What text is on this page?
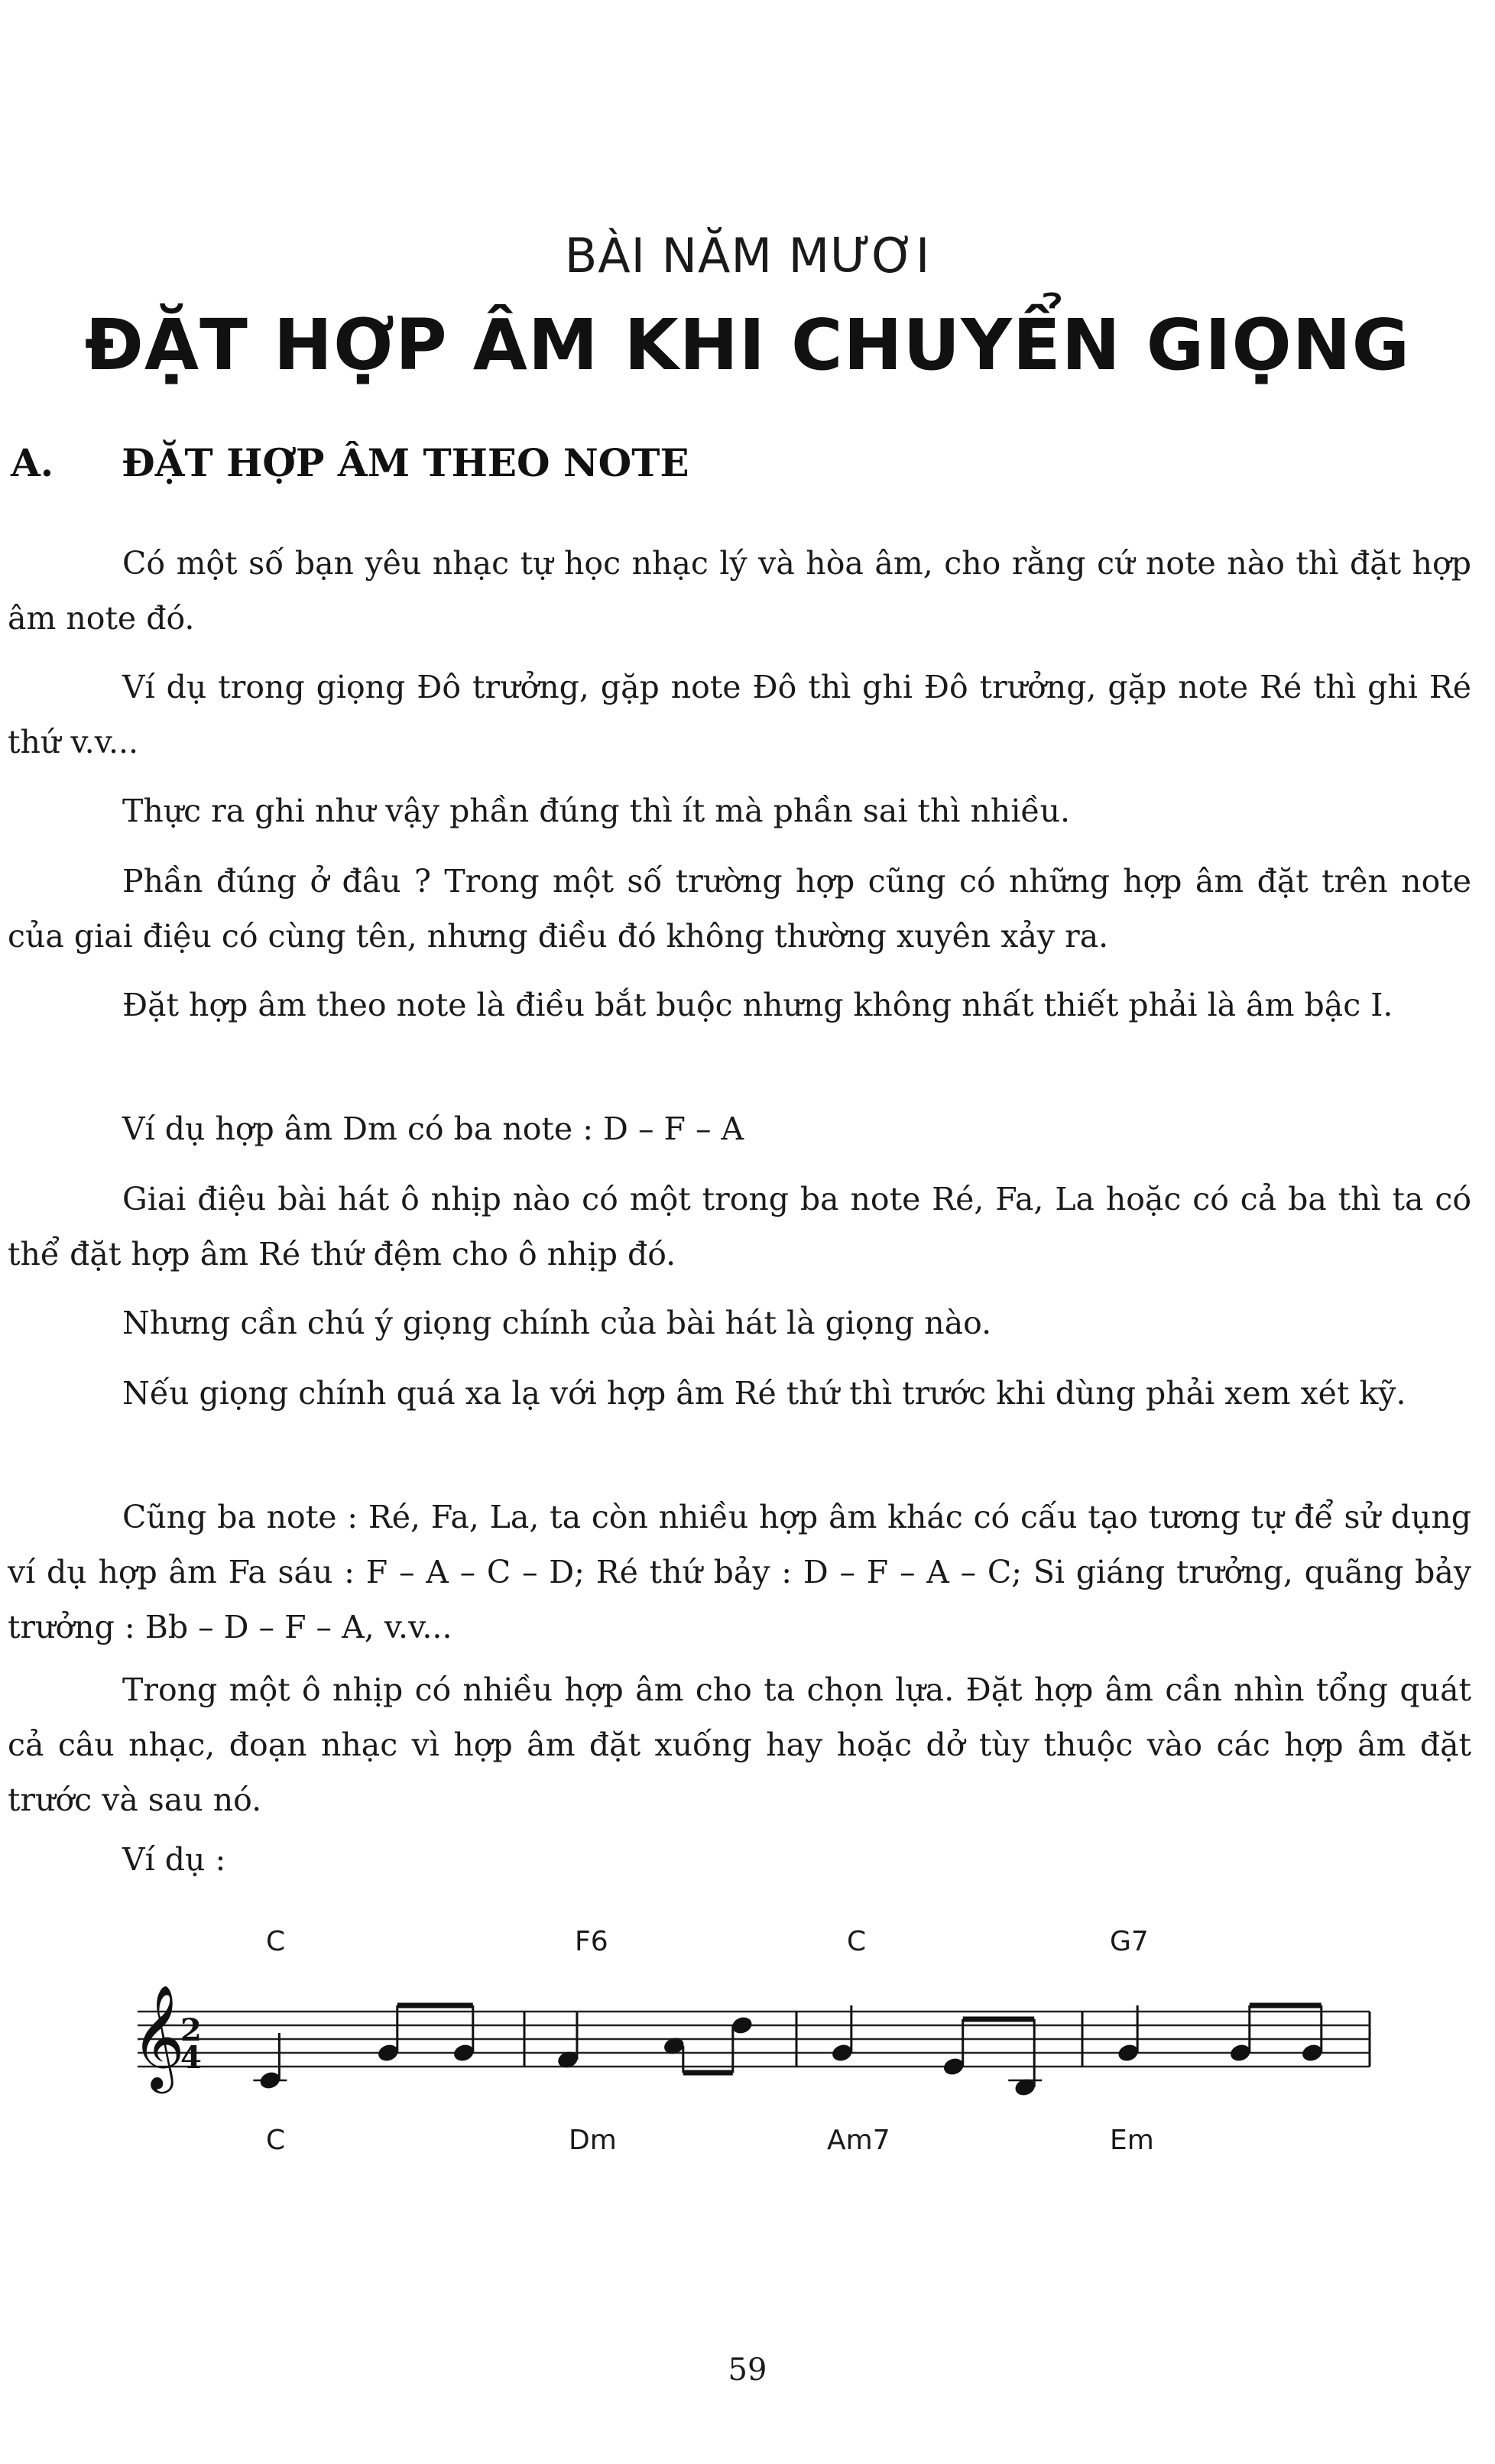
BÀI NĂM MƯƠI
ĐẶT HỢP ÂM KHI CHUYỂN GIỌNG
A. ĐẶT HỢP ÂM THEO NOTE

Có một số bạn yêu nhạc tự học nhạc lý và hòa âm, cho rằng cứ note nào thì đặt hợp âm note đó.

Ví dụ trong giọng Đô trưởng, gặp note Đô thì ghi Đô trưởng, gặp note Ré thì ghi Ré thứ v.v...

Thực ra ghi như vậy phần đúng thì ít mà phần sai thì nhiều.

Phần đúng ở đâu ? Trong một số trường hợp cũng có những hợp âm đặt trên note của giai điệu có cùng tên, nhưng điều đó không thường xuyên xảy ra.

Đặt hợp âm theo note là điều bắt buộc nhưng không nhất thiết phải là âm bậc I.

Ví dụ hợp âm Dm có ba note : D – F – A

Giai điệu bài hát ô nhịp nào có một trong ba note Ré, Fa, La hoặc có cả ba thì ta có thể đặt hợp âm Ré thứ đệm cho ô nhịp đó.

Nhưng cần chú ý giọng chính của bài hát là giọng nào.

Nếu giọng chính quá xa lạ với hợp âm Ré thứ thì trước khi dùng phải xem xét kỹ.

Cũng ba note : Ré, Fa, La, ta còn nhiều hợp âm khác có cấu tạo tương tự để sử dụng ví dụ hợp âm Fa sáu : F – A – C – D; Ré thứ bảy : D – F – A – C; Si giáng trưởng, quãng bảy trưởng : Bb – D – F – A, v.v...

Trong một ô nhịp có nhiều hợp âm cho ta chọn lựa. Đặt hợp âm cần nhìn tổng quát cả câu nhạc, đoạn nhạc vì hợp âm đặt xuống hay hoặc dở tùy thuộc vào các hợp âm đặt trước và sau nó.

Ví dụ :

C	F6	C	G7
𝄞
2
4
C	Dm	Am7	Em
59
